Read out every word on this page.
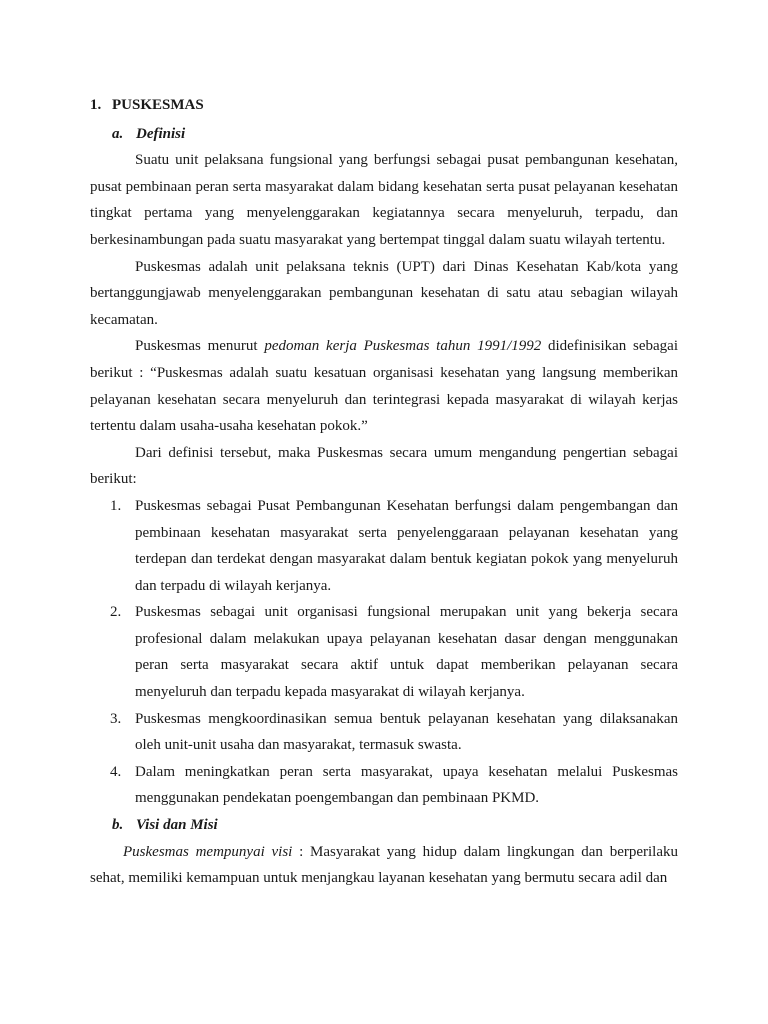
1. PUSKESMAS
a. Definisi

Suatu unit pelaksana fungsional yang berfungsi sebagai pusat pembangunan kesehatan, pusat pembinaan peran serta masyarakat dalam bidang kesehatan serta pusat pelayanan kesehatan tingkat pertama yang menyelenggarakan kegiatannya secara menyeluruh, terpadu, dan berkesinambungan pada suatu masyarakat yang bertempat tinggal dalam suatu wilayah tertentu.

Puskesmas adalah unit pelaksana teknis (UPT) dari Dinas Kesehatan Kab/kota yang bertanggungjawab menyelenggarakan pembangunan kesehatan di satu atau sebagian wilayah kecamatan.

Puskesmas menurut pedoman kerja Puskesmas tahun 1991/1992 didefinisikan sebagai berikut : “Puskesmas adalah suatu kesatuan organisasi kesehatan yang langsung memberikan pelayanan kesehatan secara menyeluruh dan terintegrasi kepada masyarakat di wilayah kerjas tertentu dalam usaha-usaha kesehatan pokok.”

Dari definisi tersebut, maka Puskesmas secara umum mengandung pengertian sebagai berikut:

1. Puskesmas sebagai Pusat Pembangunan Kesehatan berfungsi dalam pengembangan dan pembinaan kesehatan masyarakat serta penyelenggaraan pelayanan kesehatan yang terdepan dan terdekat dengan masyarakat dalam bentuk kegiatan pokok yang menyeluruh dan terpadu di wilayah kerjanya.
2. Puskesmas sebagai unit organisasi fungsional merupakan unit yang bekerja secara profesional dalam melakukan upaya pelayanan kesehatan dasar dengan menggunakan peran serta masyarakat secara aktif untuk dapat memberikan pelayanan secara menyeluruh dan terpadu kepada masyarakat di wilayah kerjanya.
3. Puskesmas mengkoordinasikan semua bentuk pelayanan kesehatan yang dilaksanakan oleh unit-unit usaha dan masyarakat, termasuk swasta.
4. Dalam meningkatkan peran serta masyarakat, upaya kesehatan melalui Puskesmas menggunakan pendekatan poengembangan dan pembinaan PKMD.
b. Visi dan Misi

Puskesmas mempunyai visi : Masyarakat yang hidup dalam lingkungan dan berperilaku sehat, memiliki kemampuan untuk menjangkau layanan kesehatan yang bermutu secara adil dan
